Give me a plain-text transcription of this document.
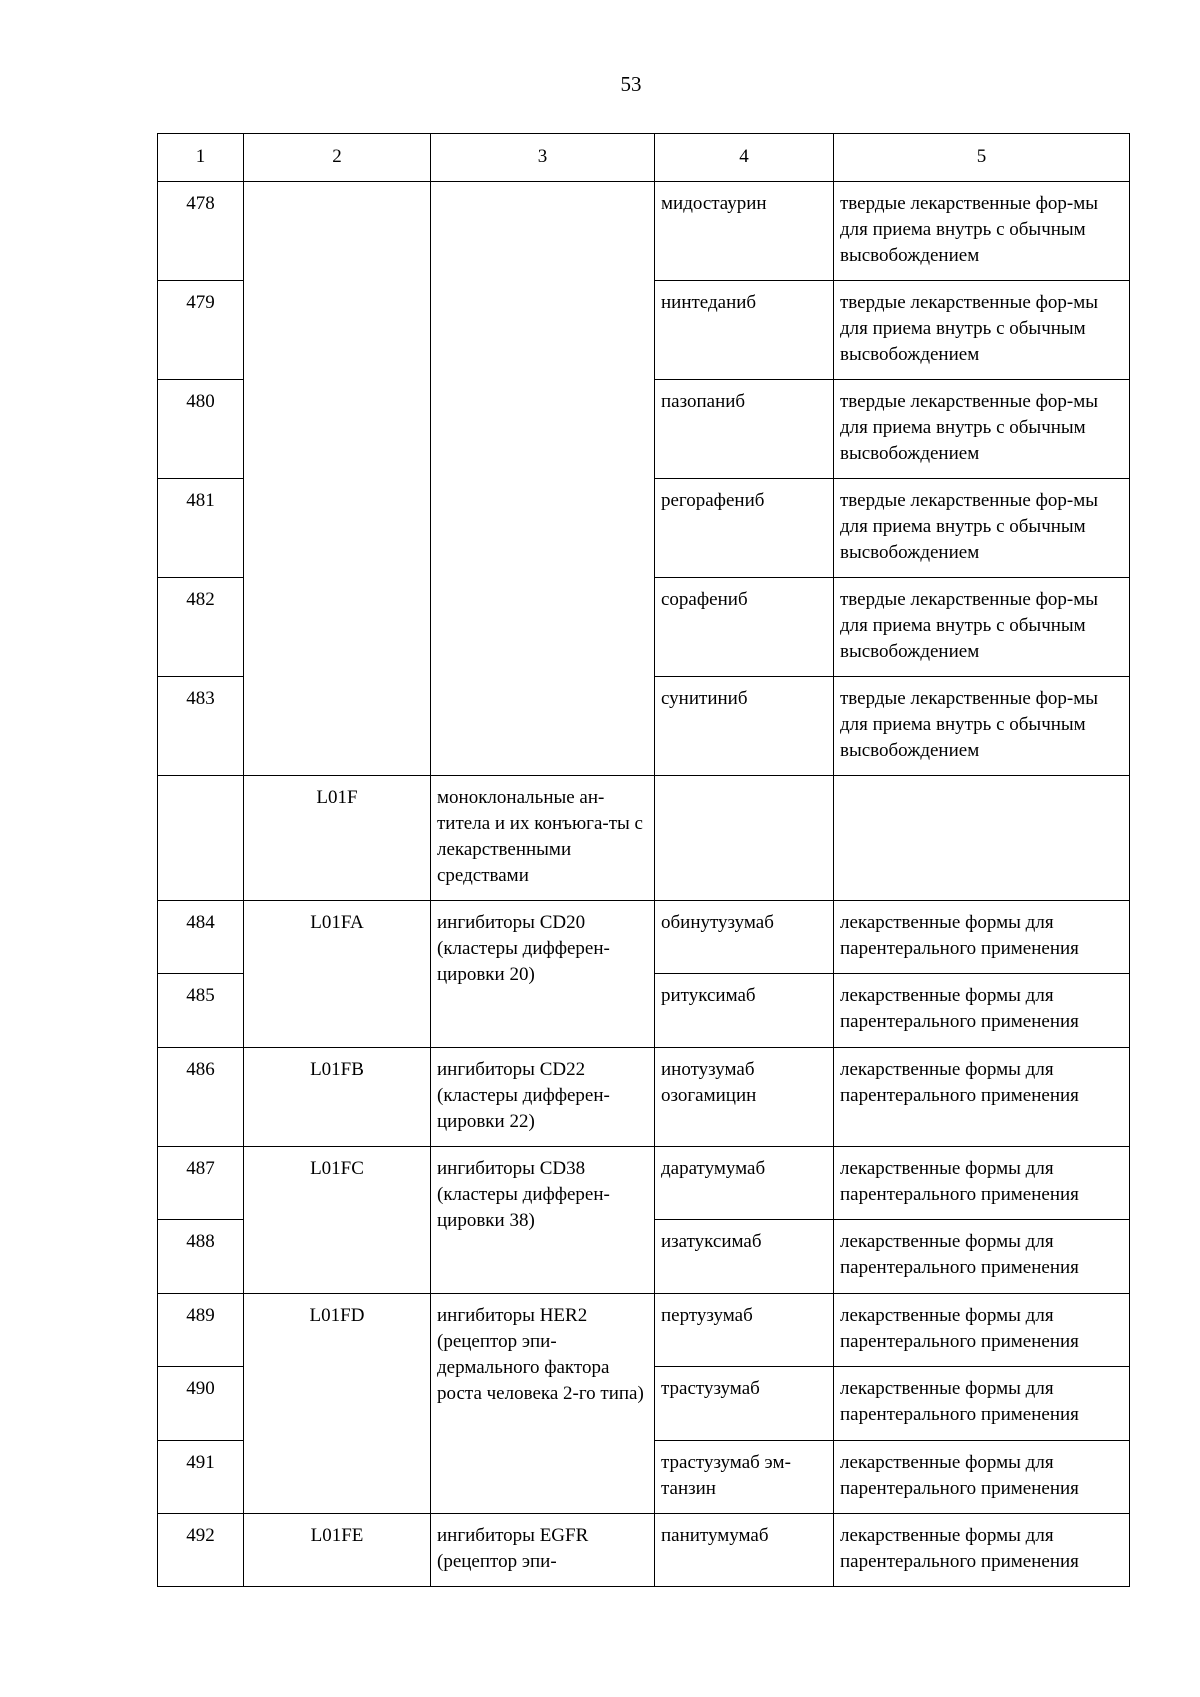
53
1	2	3	4	5
478			мидостаурин	твердые лекарственные фор-мы для приема внутрь с обычным высвобождением
479			нинтеданиб	твердые лекарственные фор-мы для приема внутрь с обычным высвобождением
480			пазопаниб	твердые лекарственные фор-мы для приема внутрь с обычным высвобождением
481			регорафениб	твердые лекарственные фор-мы для приема внутрь с обычным высвобождением
482			сорафениб	твердые лекарственные фор-мы для приема внутрь с обычным высвобождением
483			сунитиниб	твердые лекарственные фор-мы для приема внутрь с обычным высвобождением
	L01F	моноклональные ан-титела и их конъюга-ты с лекарственными средствами		
484	L01FA	ингибиторы CD20 (кластеры дифферен-цировки 20)	обинутузумаб	лекарственные формы для парентерального применения
485			ритуксимаб	лекарственные формы для парентерального применения
486	L01FB	ингибиторы CD22 (кластеры дифферен-цировки 22)	инотузумаб озогамицин	лекарственные формы для парентерального применения
487	L01FC	ингибиторы CD38 (кластеры дифферен-цировки 38)	даратумумаб	лекарственные формы для парентерального применения
488			изатуксимаб	лекарственные формы для парентерального применения
489	L01FD	ингибиторы HER2 (рецептор эпи-дермального фактора роста человека 2-го типа)	пертузумаб	лекарственные формы для парентерального применения
490			трастузумаб	лекарственные формы для парентерального применения
491			трастузумаб эм-танзин	лекарственные формы для парентерального применения
492	L01FE	ингибиторы EGFR (рецептор эпи-	панитумумаб	лекарственные формы для парентерального применения
